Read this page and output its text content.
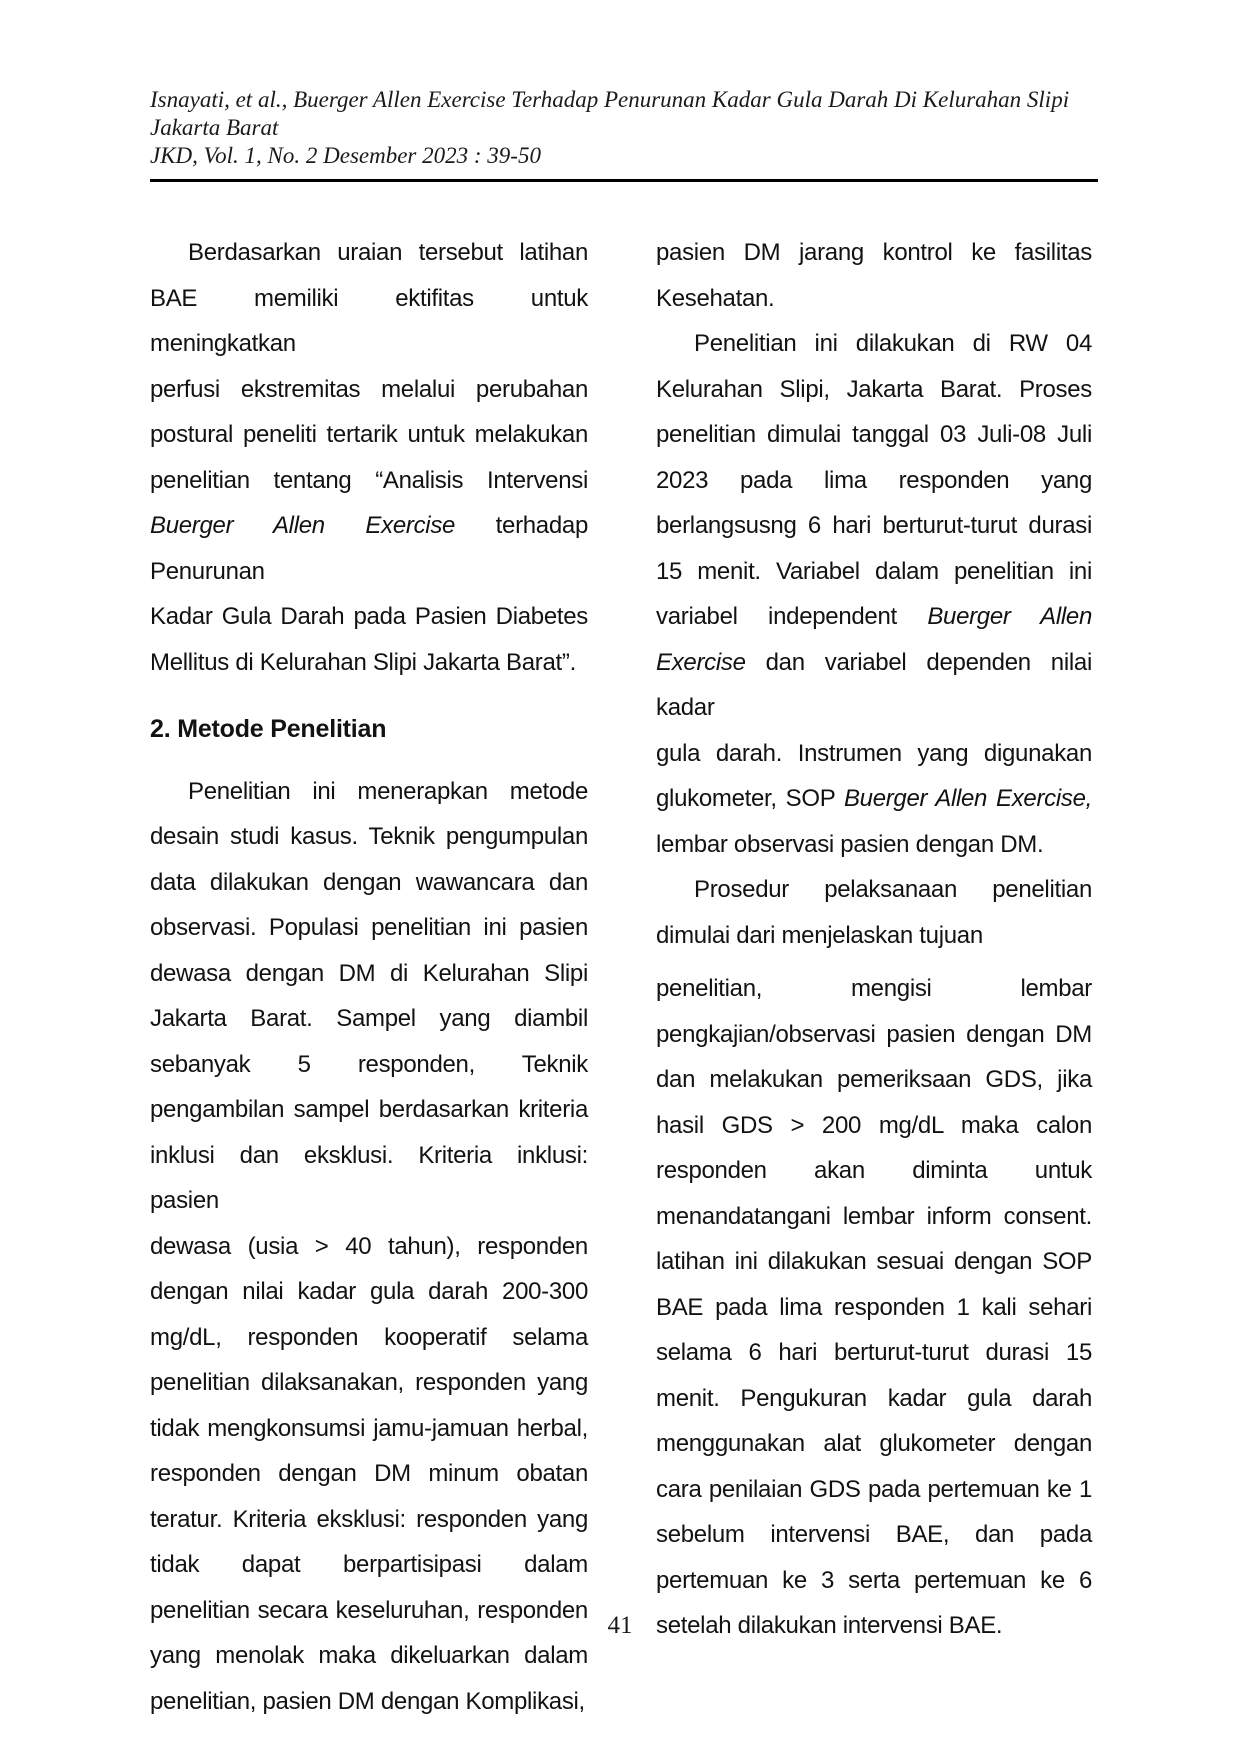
Isnayati, et al., Buerger Allen Exercise Terhadap Penurunan Kadar Gula Darah Di Kelurahan Slipi
Jakarta Barat
JKD, Vol. 1, No. 2 Desember 2023 : 39-50
Berdasarkan uraian tersebut latihan
BAE memiliki ektifitas untuk meningkatkan
perfusi ekstremitas melalui perubahan
postural peneliti tertarik untuk melakukan
penelitian tentang “Analisis Intervensi
Buerger Allen Exercise terhadap Penurunan
Kadar Gula Darah pada Pasien Diabetes
Mellitus di Kelurahan Slipi Jakarta Barat”.
2. Metode Penelitian
Penelitian ini menerapkan metode
desain studi kasus. Teknik pengumpulan
data dilakukan dengan wawancara dan
observasi. Populasi penelitian ini pasien
dewasa dengan DM di Kelurahan Slipi
Jakarta Barat. Sampel yang diambil
sebanyak 5 responden, Teknik
pengambilan sampel berdasarkan kriteria
inklusi dan eksklusi. Kriteria inklusi: pasien
dewasa (usia > 40 tahun), responden
dengan nilai kadar gula darah 200-300
mg/dL, responden kooperatif selama
penelitian dilaksanakan, responden yang
tidak mengkonsumsi jamu-jamuan herbal,
responden dengan DM minum obatan
teratur. Kriteria eksklusi: responden yang
tidak dapat berpartisipasi dalam
penelitian secara keseluruhan, responden
yang menolak maka dikeluarkan dalam
penelitian, pasien DM dengan Komplikasi,
pasien DM jarang kontrol ke fasilitas
Kesehatan.
Penelitian ini dilakukan di RW 04
Kelurahan Slipi, Jakarta Barat. Proses
penelitian dimulai tanggal 03 Juli-08 Juli
2023 pada lima responden yang
berlangsusng 6 hari berturut-turut durasi
15 menit. Variabel dalam penelitian ini
variabel independent Buerger Allen
Exercise dan variabel dependen nilai kadar
gula darah. Instrumen yang digunakan
glukometer, SOP Buerger Allen Exercise,
lembar observasi pasien dengan DM.
Prosedur pelaksanaan penelitian
dimulai dari menjelaskan tujuan
penelitian, mengisi lembar
pengkajian/observasi pasien dengan DM
dan melakukan pemeriksaan GDS, jika
hasil GDS > 200 mg/dL maka calon
responden akan diminta untuk
menandatangani lembar inform consent.
latihan ini dilakukan sesuai dengan SOP
BAE pada lima responden 1 kali sehari
selama 6 hari berturut-turut durasi 15
menit. Pengukuran kadar gula darah
menggunakan alat glukometer dengan
cara penilaian GDS pada pertemuan ke 1
sebelum intervensi BAE, dan pada
pertemuan ke 3 serta pertemuan ke 6
setelah dilakukan intervensi BAE.
41
